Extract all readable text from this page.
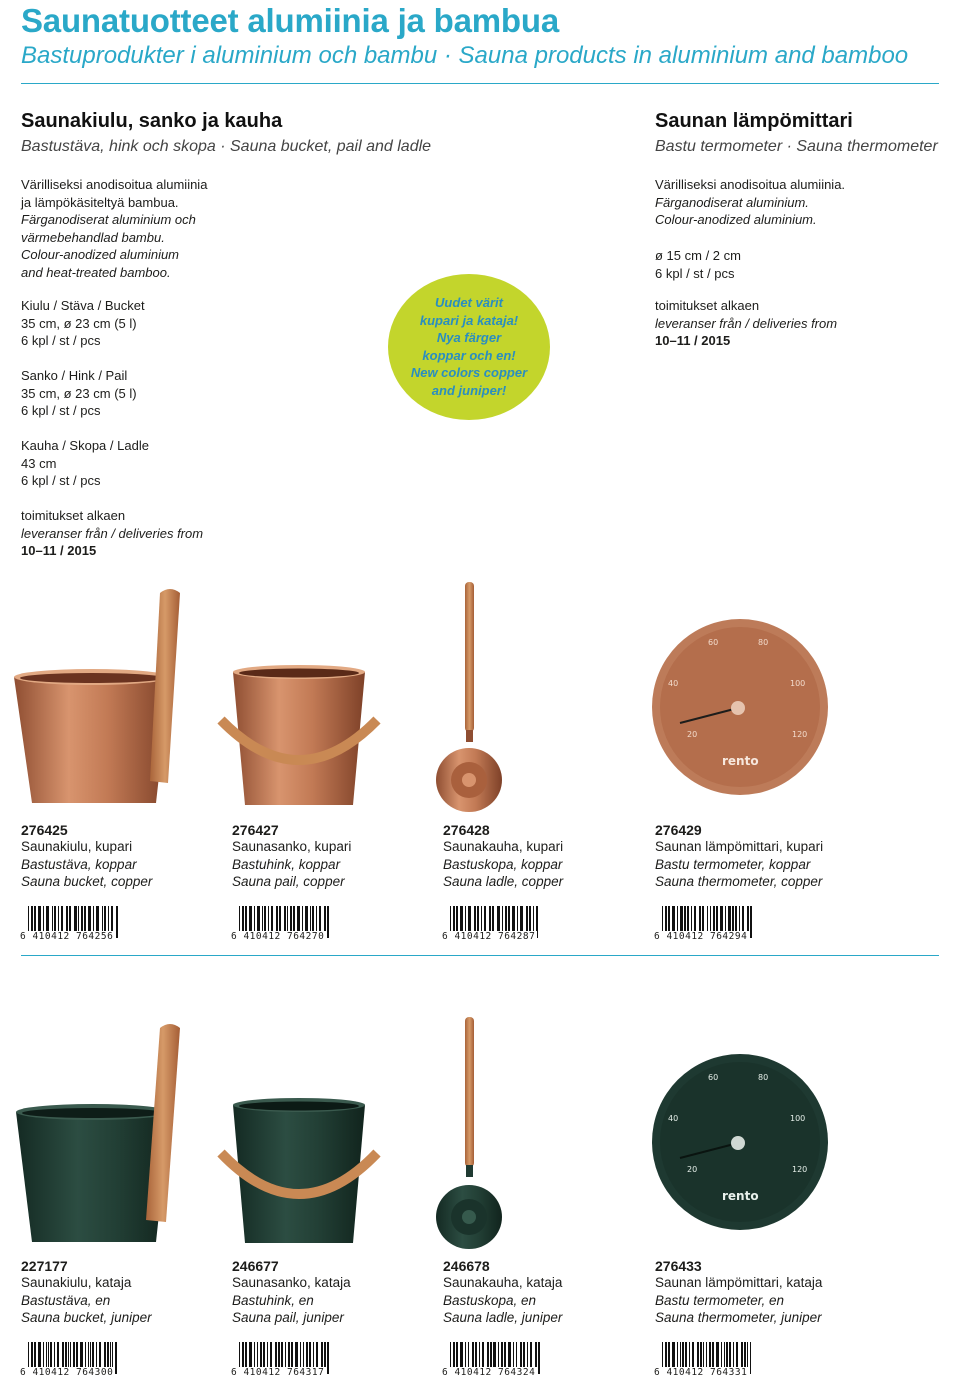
Saunatuotteet alumiinia ja bambua
Bastuprodukter i aluminium och bambu · Sauna products in aluminium and bamboo
Saunakiulu, sanko ja kauha
Bastustäva, hink och skopa · Sauna bucket, pail and ladle
Värilliseksi anodisoitua alumiinia
ja lämpökäsiteltyä bambua.
Färganodiserat aluminium och
värmebehandlad bambu.
Colour-anodized aluminium
and heat-treated bamboo.
Kiulu / Stäva / Bucket
35 cm, ø 23 cm (5 l)
6 kpl / st / pcs
Sanko / Hink / Pail
35 cm, ø 23 cm (5 l)
6 kpl / st / pcs
Kauha / Skopa / Ladle
43 cm
6 kpl / st / pcs
toimitukset alkaen
leveranser från / deliveries from
10–11 / 2015
Uudet värit
kupari ja kataja!
Nya färger
koppar och en!
New colors copper
and juniper!
Saunan lämpömittari
Bastu termometer · Sauna thermometer
Värilliseksi anodisoitua alumiinia.
Färganodiserat aluminium.
Colour-anodized aluminium.
ø 15 cm / 2 cm
6 kpl / st / pcs
toimitukset alkaen
leveranser från / deliveries from
10–11 / 2015
20
40
60	80
100
120
rento
276425
Saunakiulu, kupari
Bastustäva, koppar
Sauna bucket, copper
276427
Saunasanko, kupari
Bastuhink, koppar
Sauna pail, copper
276428
Saunakauha, kupari
Bastuskopa, koppar
Sauna ladle, copper
276429
Saunan lämpömittari, kupari
Bastu termometer, koppar
Sauna thermometer, copper
6 410412 764256	6 410412 764270	6 410412 764287	6 410412 764294
20
40
60	80
100
120
rento
227177
Saunakiulu, kataja
Bastustäva, en
Sauna bucket, juniper
246677
Saunasanko, kataja
Bastuhink, en
Sauna pail, juniper
246678
Saunakauha, kataja
Bastuskopa, en
Sauna ladle, juniper
276433
Saunan lämpömittari, kataja
Bastu termometer, en
Sauna thermometer, juniper
6 410412 764300	6 410412 764317	6 410412 764324	6 410412 764331
